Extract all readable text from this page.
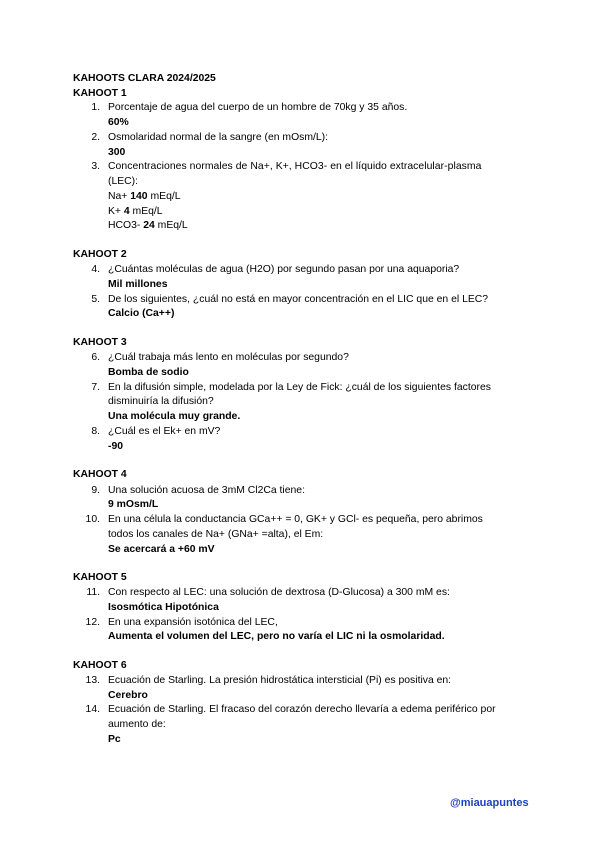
KAHOOTS CLARA 2024/2025
KAHOOT 1
1. Porcentaje de agua del cuerpo de un hombre de 70kg y 35 años.
60%
2. Osmolaridad normal de la sangre (en mOsm/L):
300
3. Concentraciones normales de Na+, K+, HCO3- en el líquido extracelular-plasma
(LEC):
Na+ 140 mEq/L
K+ 4 mEq/L
HCO3- 24 mEq/L
KAHOOT 2
4. ¿Cuántas moléculas de agua (H2O) por segundo pasan por una aquaporia?
Mil millones
5. De los siguientes, ¿cuál no está en mayor concentración en el LIC que en el LEC?
Calcio (Ca++)
KAHOOT 3
6. ¿Cuál trabaja más lento en moléculas por segundo?
Bomba de sodio
7. En la difusión simple, modelada por la Ley de Fick: ¿cuál de los siguientes factores
disminuiría la difusión?
Una molécula muy grande.
8. ¿Cuál es el Ek+ en mV?
-90
KAHOOT 4
9. Una solución acuosa de 3mM Cl2Ca tiene:
9 mOsm/L
10. En una célula la conductancia GCa++ = 0, GK+ y GCl- es pequeña, pero abrimos
todos los canales de Na+ (GNa+ =alta), el Em:
Se acercará a +60 mV
KAHOOT 5
11. Con respecto al LEC: una solución de dextrosa (D-Glucosa) a 300 mM es:
Isosmótica Hipotónica
12. En una expansión isotónica del LEC,
Aumenta el volumen del LEC, pero no varía el LIC ni la osmolaridad.
KAHOOT 6
13. Ecuación de Starling. La presión hidrostática intersticial (Pi) es positiva en:
Cerebro
14. Ecuación de Starling. El fracaso del corazón derecho llevaría a edema periférico por
aumento de:
Pc
@miauapuntes
